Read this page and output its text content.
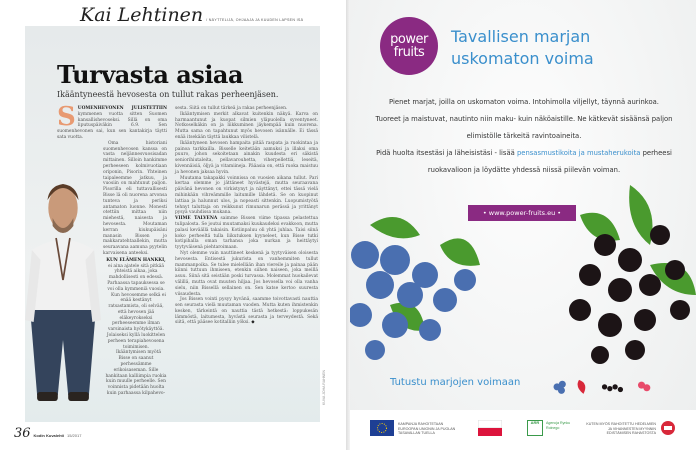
Kai Lehtinen / NÄYTTELIJÄ, OHJAAJA JA KUUDEN LAPSEN ISÄ
Turvasta asiaa
Ikääntyneestä hevosesta on tullut rakas perheenjäsen.
S UOMENHEVONEN JULISTETTIIN kymmenen vuotta sitten Suomen kansallishevoseksi. Sillä on oma liputuspäiväkin 6.9. Sen suomenhevonen sai, kun sen kantakirja täytti sata vuotta.

Oma historiani suomenhevosen kanssa on vasta neljännesvuosisadan mittainen. Silloin hankimme perheeseen kolmivuotiaan oriponin, Pisorin. Yhteinen taipaleemme jatkuu, ja vuosiin on mahtunut paljon. Pisorilla eli tuttavallisesti Bisse lä oli nuorena arvonsa tunteva ja periksi antamaton luonne. Monesti otettiin mittaa niin miehestä, naisesta ja hevosesta. Moutaman kerran kiukupäisäni manasin Bissen jo makkaratehtaallekin, mutta seuraavana aamuna pyytelin karvaisena anteeksi.

KUN ELÄMEN HANKKI, ei aina ajatele sitä pitkää yhteistä aikaa, joka mahdollisesti on edessä. Parhaassa tapauksessa se voi olla kymmeniä vuosia.

Kun hevosemme selkä ei enää kestänyt ratsastamista, oli selvää, että hevosen jää eläkeyrokseksi perheeseemme ilman varsinaista hyötykäyttöä. Jolaiseksi kyllä luokittelen perheen terapiahevosena toimimisen.

Ikääntymisen myötä Bisse on saanut perhessämme erikoisaseman. Sille hankitaan kalliimpia ruokia kuin muulle perheelle. Sen voinnista pidetään huolta kuin parhaassa kilpahevo-

sesta. Siitä on tullut tärkeä ja rakas perheenjäsen.

Ikääntymisen merkit alkavat kuitenkin näkyä. Karva on harmaantunut ja kuopat silmien yläpuolella syventyneet. Notkoselkäkin on ja liikkuminen jäykempää kuin nuorena. Mutta sama on tapahtunut myös hevosen isännälle. Ei tässä enää itsekään täyttä laukkaa vilistelä.

Ikääntyneen hevosen hampaita pitää raspata ja ruokintaa ja painoa tarkkailla. Bisselle keitetään aamuksi ja illaksi oma puuro, johon sekoitetaan ainakin kuudesta eri säkistä seniorihiutaleita, pellavarouhetta, viherpellettiä, leseitä, kivennäisiä, öljyä ja vitamiineja. Pääasia on, että ruoka maistuu ja hevonen jaksaa hyvin.

Muutama takapakki voinnissa on vuosien aikana tullut. Pari kertaa olemme jo jättäneet hyvästejä, mutta seuraavana päivänä hevonen on virkistynyt ja näyttänyt, ettei tässä vielä mihinkään vihreämmille laitumille lähdetä. Se on kuopinut lattiaa ja halunnut ulos, ja nopeasti sittenkin. Luopumistyötä tehnyt taluttaja on reikkunut rimunarun perässä ja yrittänyt pysyä vauhdissa mukana.

VIIME TALVENA saimme Bissen viime tipassa pelastettua tulipalosta. Se joutui muutamaksi kuukaudeksi evakkoon, mutta palasi keväällä takaisin. Kotiinpaluu oli yhtä juhlaa. Taisi siinä koko perheeltä tulla liikutuksen kyyneleet, kun Bisse tutki kotipihalla oman tarhansa joka nurkan ja heittäytyi tyytyväisenä piehtaroimaan.

Nyt olemme vain nauttineet keskenä ja tyytyväisen oloisesta hevosesta. Entisestä jukurista on vanhemmiten tullut mammanpoika. Se tulee mielellään ihan viereile ja painaa pään kiinni tuttuun ihmiseen, etenkin siihen naiseen, joka meillä asuu. Siinä sitä seistään poski turvassa. Molemmat huokailevat välillä, mutta ovat muuten hiljaa. Jos hevosella voi olla vanha sielu, niin Bissellä sellainen on. Sen katse kertoo suuresta viisaudesta.

Jos Bissen vointi pysyy hyvänä, saamme toivottavasti nauttia sen seurasta vielä muutaman vuoden. Mutta kuten ihmistenkin kesken, tärkeintä on nauttia tästä hetkestä: loppukesän lämmöstä, laitumesta, hyvästä seurasta ja terveydestä. Sekä siitä, että pääsee kotitalliin yöksi. ◆

KUVA JOHA RAHNEN
36 Kodin Kuvalehti 15/2017
power
fruits
Tavallisen marjan
uskomaton voima
Pienet marjat, joilla on uskomaton voima. Intohimolla viljellyt, täynnä aurinkoa.
Tuoreet ja maistuvat, nautinto niin maku- kuin näköaistille. Ne kätkevät sisäänsä paljon elimistölle tärkeitä ravintoaineita.
Pidä huolta itsestäsi ja läheisistäsi - lisää pensasmustikoita ja mustaherukoita perheesi ruokavalioon ja löydätte yhdessä niissä piilevän voiman.
• www.power-fruits.eu •
Tutustu marjojen voimaan
KAMPANJA RAHOITETAAN EUROOPAN UNIONIN JA PUOLAN TASAVALLAN TUELLA
ARR	Agencja Rynku Rolnego
KUTEN MYÖS RAHOITETTU HEDELMIEN JA VIHANNESTEN MYYNNIN EDISTÄMISEN RAHASTOSTA
